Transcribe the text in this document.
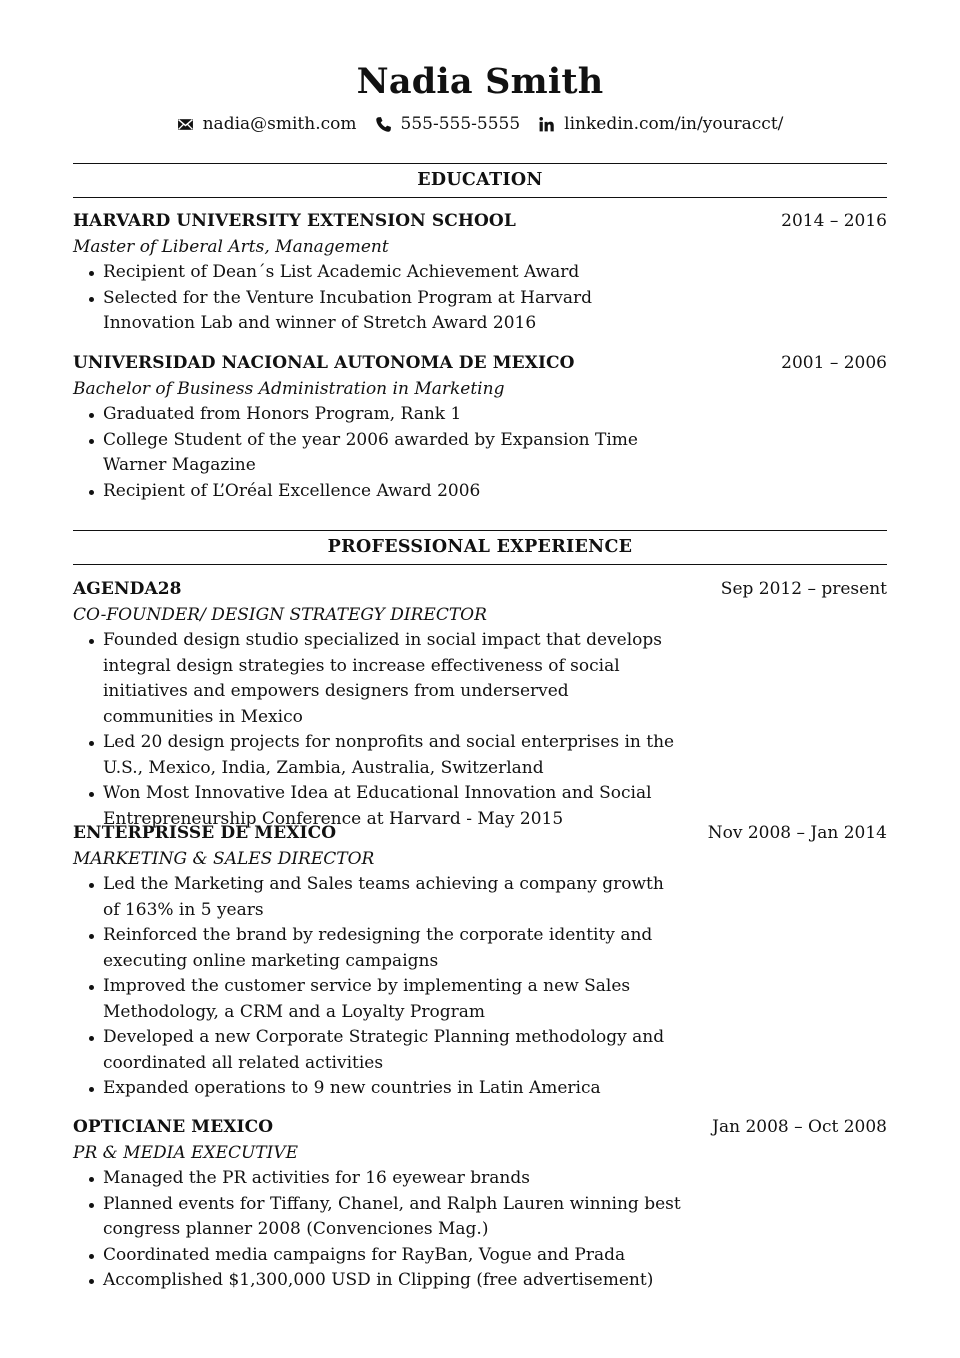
Nadia Smith
nadia@smith.com	555-555-5555	linkedin.com/in/youracct/
EDUCATION
HARVARD UNIVERSITY EXTENSION SCHOOL	2014 – 2016
Master of Liberal Arts, Management
Recipient of Dean´s List Academic Achievement Award
Selected for the Venture Incubation Program at Harvard Innovation Lab and winner of Stretch Award 2016
UNIVERSIDAD NACIONAL AUTONOMA DE MEXICO	2001 – 2006
Bachelor of Business Administration in Marketing
Graduated from Honors Program, Rank 1
College Student of the year 2006 awarded by Expansion Time Warner Magazine
Recipient of L’Oréal Excellence Award 2006
PROFESSIONAL EXPERIENCE
AGENDA28	Sep 2012 – present
CO-FOUNDER/ DESIGN STRATEGY DIRECTOR
Founded design studio specialized in social impact that develops integral design strategies to increase effectiveness of social initiatives and empowers designers from underserved communities in Mexico
Led 20 design projects for nonprofits and social enterprises in the U.S., Mexico, India, Zambia, Australia, Switzerland
Won Most Innovative Idea at Educational Innovation and Social Entrepreneurship Conference at Harvard - May 2015
ENTERPRISSE DE MEXICO	Nov 2008 – Jan 2014
MARKETING & SALES DIRECTOR
Led the Marketing and Sales teams achieving a company growth of 163% in 5 years
Reinforced the brand by redesigning the corporate identity and executing online marketing campaigns
Improved the customer service by implementing a new Sales Methodology, a CRM and a Loyalty Program
Developed a new Corporate Strategic Planning methodology and coordinated all related activities
Expanded operations to 9 new countries in Latin America
OPTICIANE MEXICO	Jan 2008 – Oct 2008
PR & MEDIA EXECUTIVE
Managed the PR activities for 16 eyewear brands
Planned events for Tiffany, Chanel, and Ralph Lauren winning best congress planner 2008 (Convenciones Mag.)
Coordinated media campaigns for RayBan, Vogue and Prada
Accomplished $1,300,000 USD in Clipping (free advertisement)
